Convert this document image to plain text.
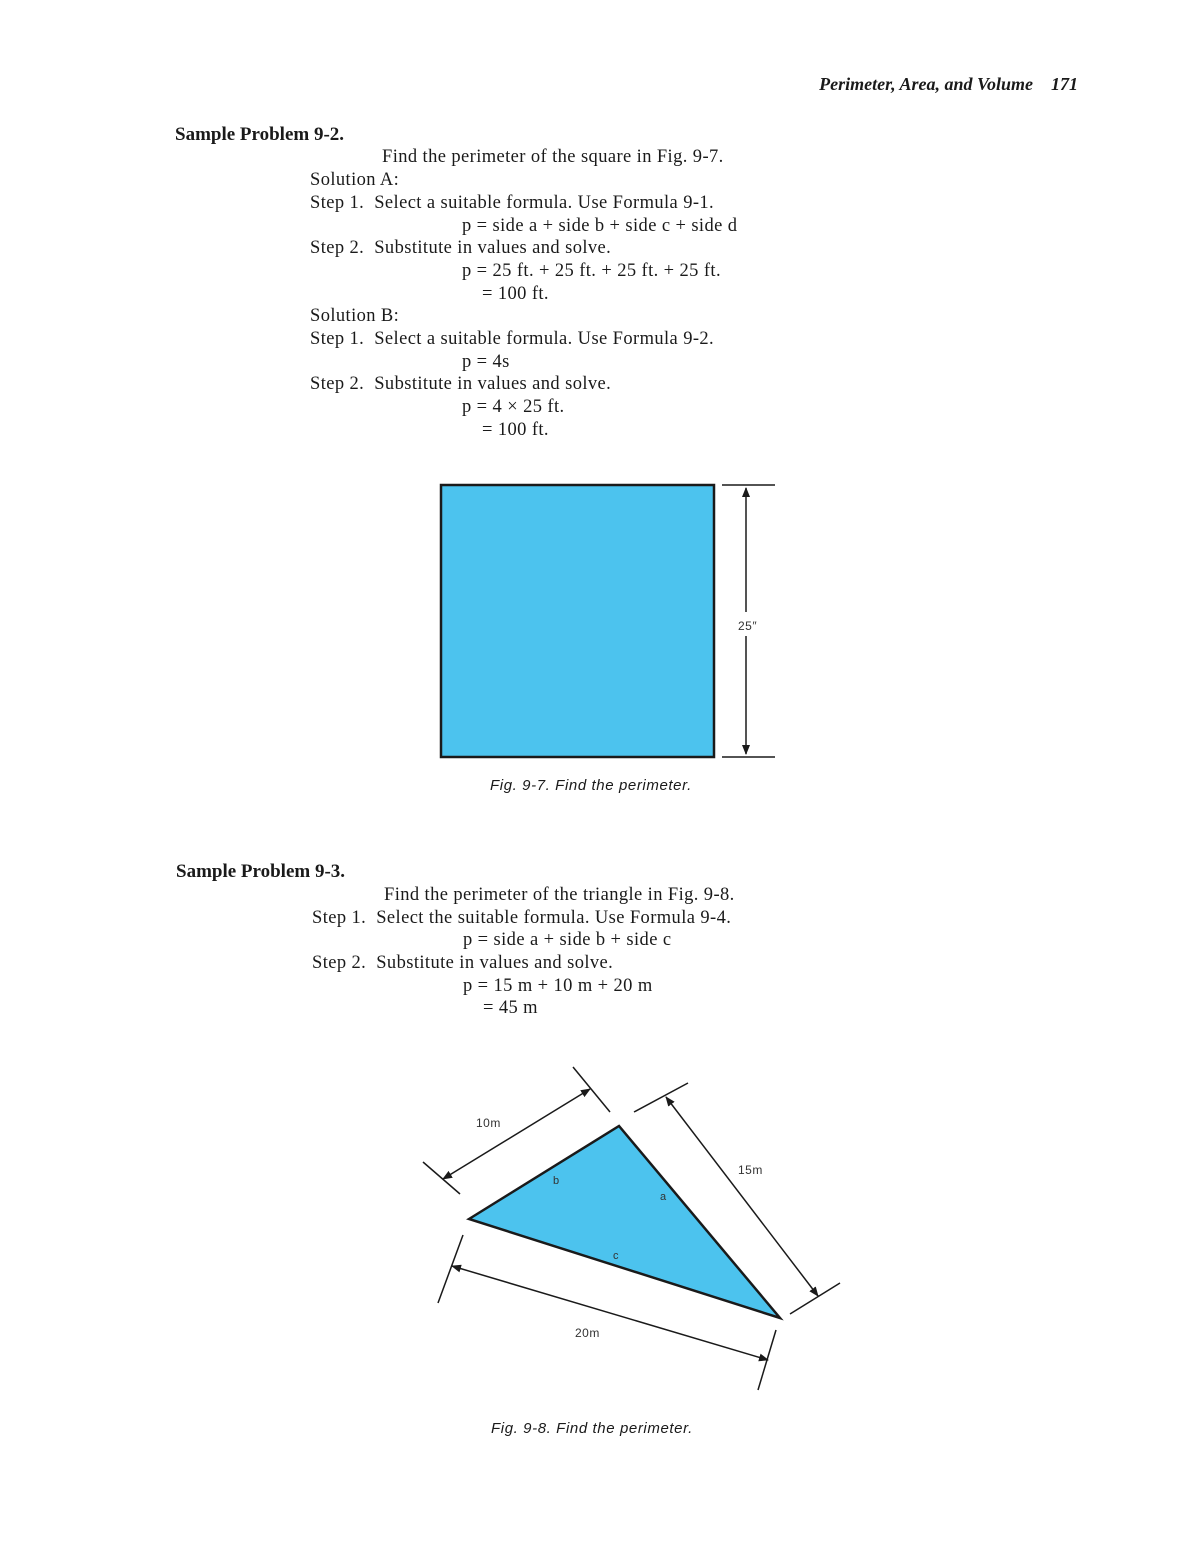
Perimeter, Area, and Volume 171
Sample Problem 9-2.
Find the perimeter of the square in Fig. 9-7.
Solution A:
Step 1.  Select a suitable formula. Use Formula 9-1.
p = side a + side b + side c + side d
Step 2.  Substitute in values and solve.
p = 25 ft. + 25 ft. + 25 ft. + 25 ft.
= 100 ft.
Solution B:
Step 1.  Select a suitable formula. Use Formula 9-2.
p = 4s
Step 2.  Substitute in values and solve.
p = 4 × 25 ft.
= 100 ft.
25″
10m
15m
20m
b
a
c
Fig. 9-7. Find the perimeter.
Sample Problem 9-3.
Find the perimeter of the triangle in Fig. 9-8.
Step 1.  Select the suitable formula. Use Formula 9-4.
p = side a + side b + side c
Step 2.  Substitute in values and solve.
p = 15 m + 10 m + 20 m
= 45 m
Fig. 9-8. Find the perimeter.
